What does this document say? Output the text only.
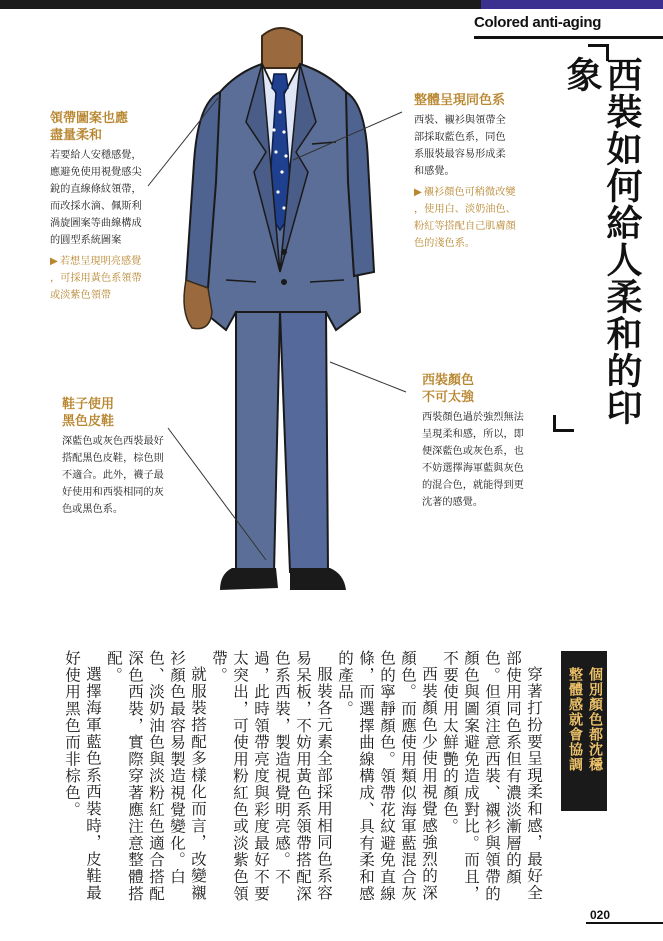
Colored anti-aging
領帶圖案也應
盡量柔和
若要給人安穩感覺，
應避免使用視覺感尖
銳的直線條紋領帶，
而改採水滴、佩斯利
渦旋圖案等曲線構成
的圓型系統圖案
▶ 若想呈現明亮感覺
，可採用黃色系領帶
或淡紫色領帶
整體呈現同色系
西裝、襯衫與領帶全
部採取藍色系，同色
系服裝最容易形成柔
和感覺。
▶ 襯衫顏色可稍微改變
，使用白、淡奶油色、
粉紅等搭配自己肌膚顏
色的淺色系。
鞋子使用
黑色皮鞋
深藍色或灰色西裝最好
搭配黑色皮鞋，棕色則
不適合。此外，襪子最
好使用和西裝相同的灰
色或黑色系。
西裝顏色
不可太強
西裝顏色過於強烈無法
呈現柔和感，所以，即
便深藍色或灰色系，也
不妨選擇海軍藍與灰色
的混合色，就能得到更
沈著的感覺。
西裝如何給人柔和的印象
個別顏色都沈穩
整體感就會協調

穿著打扮要呈現柔和感，最好全部使用同色系但有濃淡漸層的顏色。但須注意西裝、襯衫與領帶的顏色與圖案避免造成對比。而且，不要使用太鮮艷的顏色。

西裝顏色少使用視覺感強烈的深顏色。而應使用類似海軍藍混合灰色的寧靜顏色。領帶花紋避免直線條，而選擇曲線構成、具有柔和感的產品。

服裝各元素全部採用相同色系容易呆板，不妨用黃色系領帶搭配深色系西裝，製造視覺明亮感。不過，此時領帶亮度與彩度最好不要太突出，可使用粉紅色或淡紫色領帶。

就服裝搭配多樣化而言，改變襯衫顏色最容易製造視覺變化。白色、淡奶油色與淡粉紅色適合搭配深色西裝，實際穿著應注意整體搭配。

選擇海軍藍色系西裝時，皮鞋最好使用黑色而非棕色。

020
